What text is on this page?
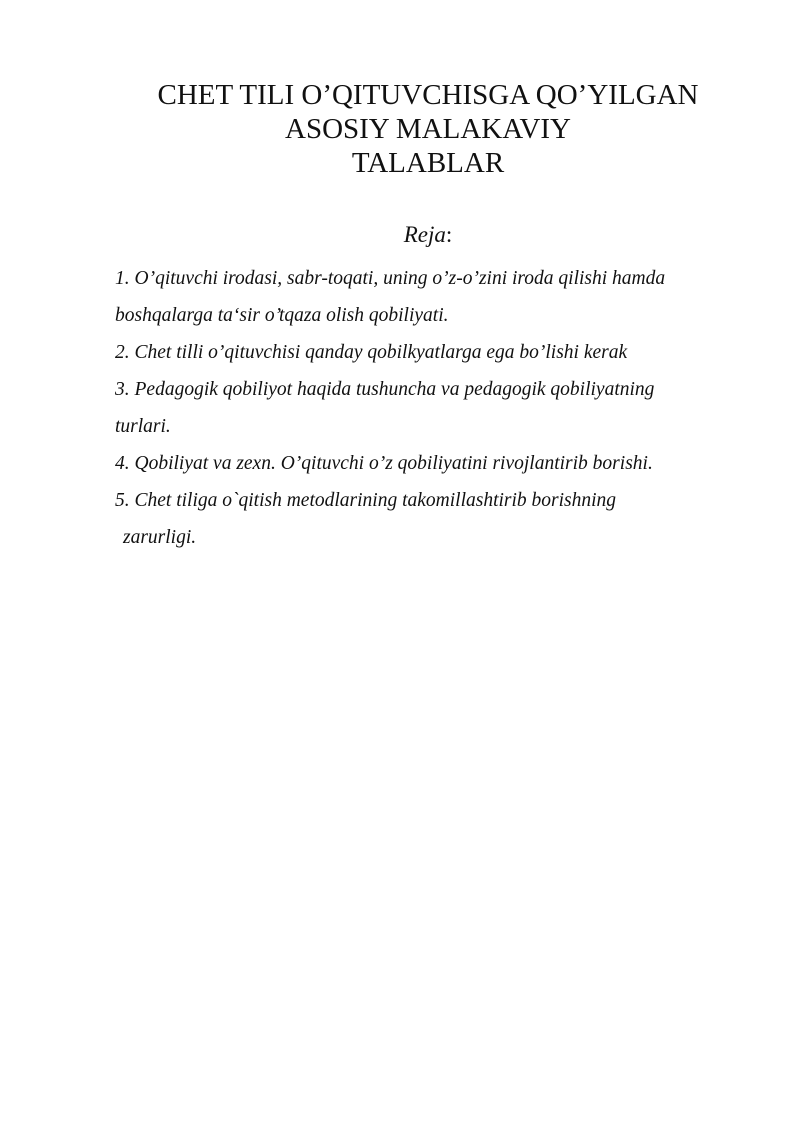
CHET TILI O’QITUVCHISGA QO’YILGAN
ASOSIY MALAKAVIY
TALABLAR
Reja:
1. O’qituvchi irodasi, sabr-toqati, uning o’z-o’zini iroda qilishi hamda
boshqalarga ta‘sir o’tqaza olish qobiliyati.
2. Chet tilli o’qituvchisi qanday qobilkyatlarga ega bo’lishi kerak
3. Pedagogik qobiliyot haqida tushuncha va pedagogik qobiliyatning
turlari.
4. Qobiliyat va zexn. O’qituvchi o’z qobiliyatini rivojlantirib borishi.
5. Chet tiliga o`qitish metodlarining takomillashtirib borishning
zarurligi.
